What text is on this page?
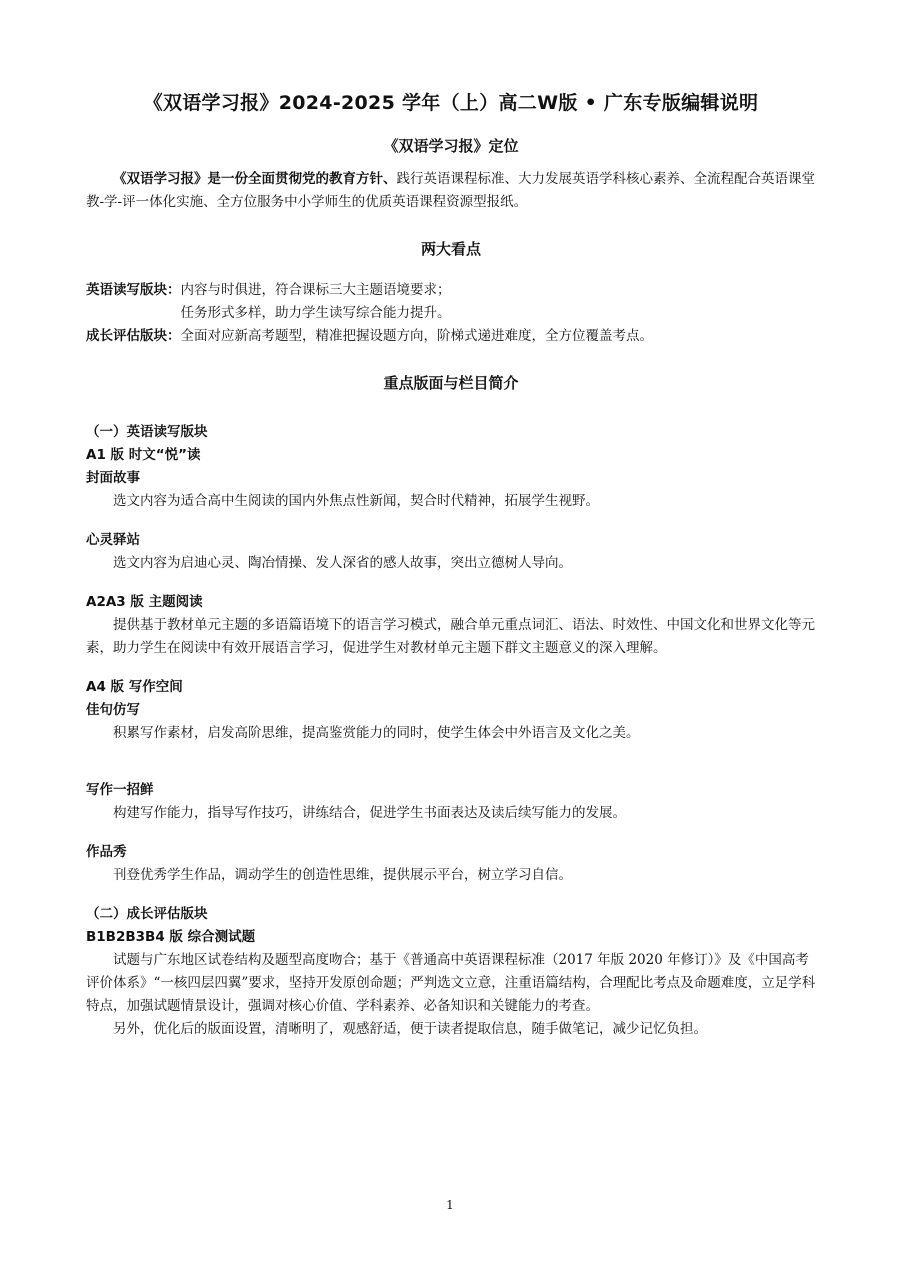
《双语学习报》2024-2025 学年（上）高二W版 • 广东专版编辑说明
《双语学习报》定位

《双语学习报》是一份全面贯彻党的教育方针、践行英语课程标准、大力发展英语学科核心素养、全流程配合英语课堂教-学-评一体化实施、全方位服务中小学师生的优质英语课程资源型报纸。

两大看点
英语读写版块： 内容与时俱进，符合课标三大主题语境要求；
任务形式多样，助力学生读写综合能力提升。
成长评估版块： 全面对应新高考题型，精准把握设题方向，阶梯式递进难度，全方位覆盖考点。
重点版面与栏目简介

（一）英语读写版块

A1 版 时文“悦”读

封面故事

选文内容为适合高中生阅读的国内外焦点性新闻，契合时代精神，拓展学生视野。

心灵驿站

选文内容为启迪心灵、陶冶情操、发人深省的感人故事，突出立德树人导向。

A2A3 版 主题阅读

提供基于教材单元主题的多语篇语境下的语言学习模式，融合单元重点词汇、语法、时效性、中国文化和世界文化等元素，助力学生在阅读中有效开展语言学习，促进学生对教材单元主题下群文主题意义的深入理解。

A4 版 写作空间

佳句仿写

积累写作素材，启发高阶思维，提高鉴赏能力的同时，使学生体会中外语言及文化之美。

写作一招鲜

构建写作能力，指导写作技巧，讲练结合，促进学生书面表达及读后续写能力的发展。

作品秀

刊登优秀学生作品，调动学生的创造性思维，提供展示平台，树立学习自信。

（二）成长评估版块

B1B2B3B4 版 综合测试题

试题与广东地区试卷结构及题型高度吻合；基于《普通高中英语课程标准（2017 年版 2020 年修订）》及《中国高考评价体系》“一核四层四翼”要求，坚持开发原创命题；严判选文立意，注重语篇结构，合理配比考点及命题难度，立足学科特点，加强试题情景设计，强调对核心价值、学科素养、必备知识和关键能力的考查。

另外，优化后的版面设置，清晰明了，观感舒适，便于读者提取信息，随手做笔记，减少记忆负担。

1
